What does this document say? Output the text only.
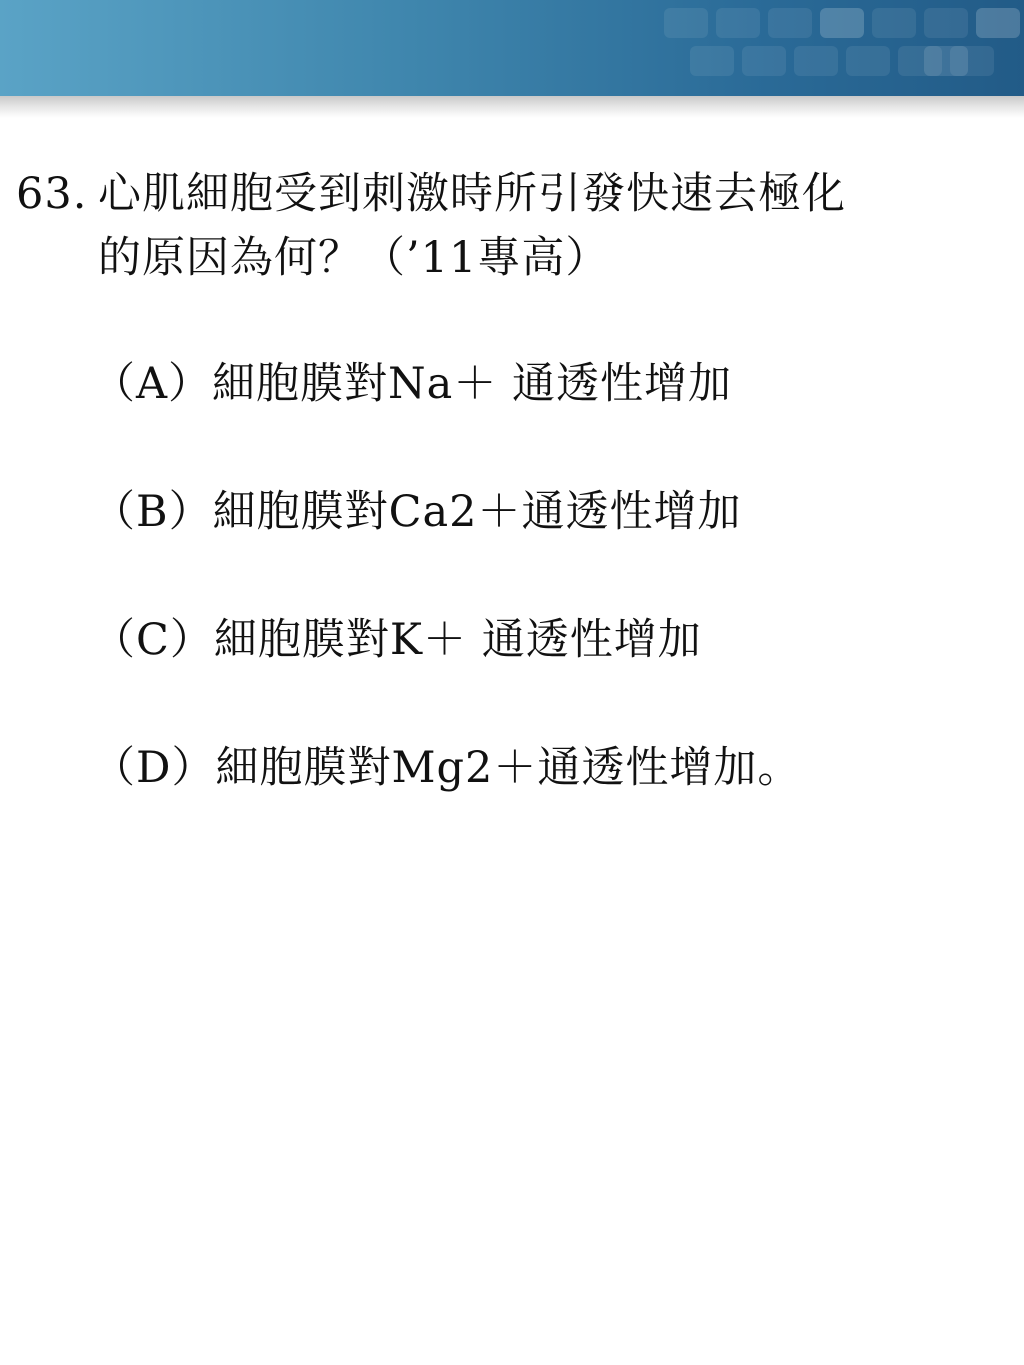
63. 心肌細胞受到刺激時所引發快速去極化
的原因為何？（’11專高）
（A）細胞膜對Na＋ 通透性增加
（B）細胞膜對Ca2＋通透性增加
（C）細胞膜對K＋ 通透性增加
（D）細胞膜對Mg2＋通透性增加。
